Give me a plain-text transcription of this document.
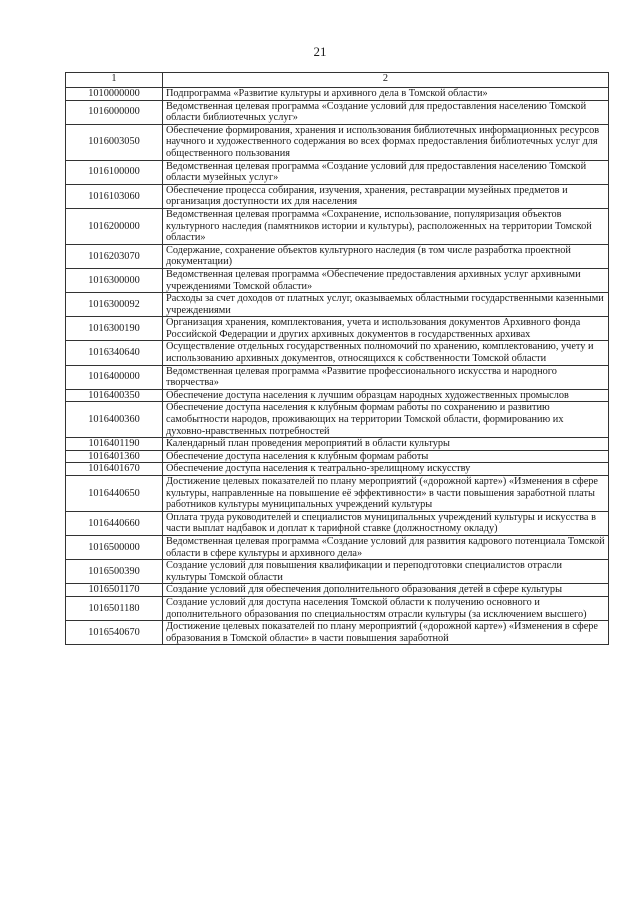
21
1	2
1010000000	Подпрограмма «Развитие культуры и архивного дела в Томской области»
1016000000	Ведомственная целевая программа «Создание условий для предоставления населению Томской области библиотечных услуг»
1016003050	Обеспечение формирования, хранения и использования библиотечных информационных ресурсов научного и художественного содержания во всех формах предоставления библиотечных услуг для общественного пользования
1016100000	Ведомственная целевая программа «Создание условий для предоставления населению Томской области музейных услуг»
1016103060	Обеспечение процесса собирания, изучения, хранения, реставрации музейных предметов и организация доступности их для населения
1016200000	Ведомственная целевая программа «Сохранение, использование, популяризация объектов культурного наследия (памятников истории и культуры), расположенных на территории Томской области»
1016203070	Содержание, сохранение объектов культурного наследия (в том числе разработка проектной документации)
1016300000	Ведомственная целевая программа «Обеспечение предоставления архивных услуг архивными учреждениями Томской области»
1016300092	Расходы за счет доходов от платных услуг, оказываемых областными государственными казенными учреждениями
1016300190	Организация хранения, комплектования, учета и использования документов Архивного фонда Российской Федерации и других архивных документов в государственных архивах
1016340640	Осуществление отдельных государственных полномочий по хранению, комплектованию, учету и использованию архивных документов, относящихся к собственности Томской области
1016400000	Ведомственная целевая программа «Развитие профессионального искусства и народного творчества»
1016400350	Обеспечение доступа населения к лучшим образцам народных художественных промыслов
1016400360	Обеспечение доступа населения к клубным формам работы по сохранению и развитию самобытности народов, проживающих на территории Томской области, формированию их духовно-нравственных потребностей
1016401190	Календарный план проведения мероприятий в области культуры
1016401360	Обеспечение доступа населения к клубным формам работы
1016401670	Обеспечение доступа населения к театрально-зрелищному искусству
1016440650	Достижение целевых показателей по плану мероприятий («дорожной карте») «Изменения в сфере культуры, направленные на повышение её эффективности» в части повышения заработной платы работников культуры муниципальных учреждений культуры
1016440660	Оплата труда руководителей и специалистов муниципальных учреждений культуры и искусства в части выплат надбавок и доплат к тарифной ставке (должностному окладу)
1016500000	Ведомственная целевая программа «Создание условий для развития кадрового потенциала Томской области в сфере культуры и архивного дела»
1016500390	Создание условий для повышения квалификации и переподготовки специалистов отрасли культуры Томской области
1016501170	Создание условий для обеспечения дополнительного образования детей в сфере культуры
1016501180	Создание условий для доступа населения Томской области к получению основного и дополнительного образования по специальностям отрасли культуры (за исключением высшего)
1016540670	Достижение целевых показателей по плану мероприятий («дорожной карте») «Изменения в сфере образования в Томской области» в части повышения заработной
